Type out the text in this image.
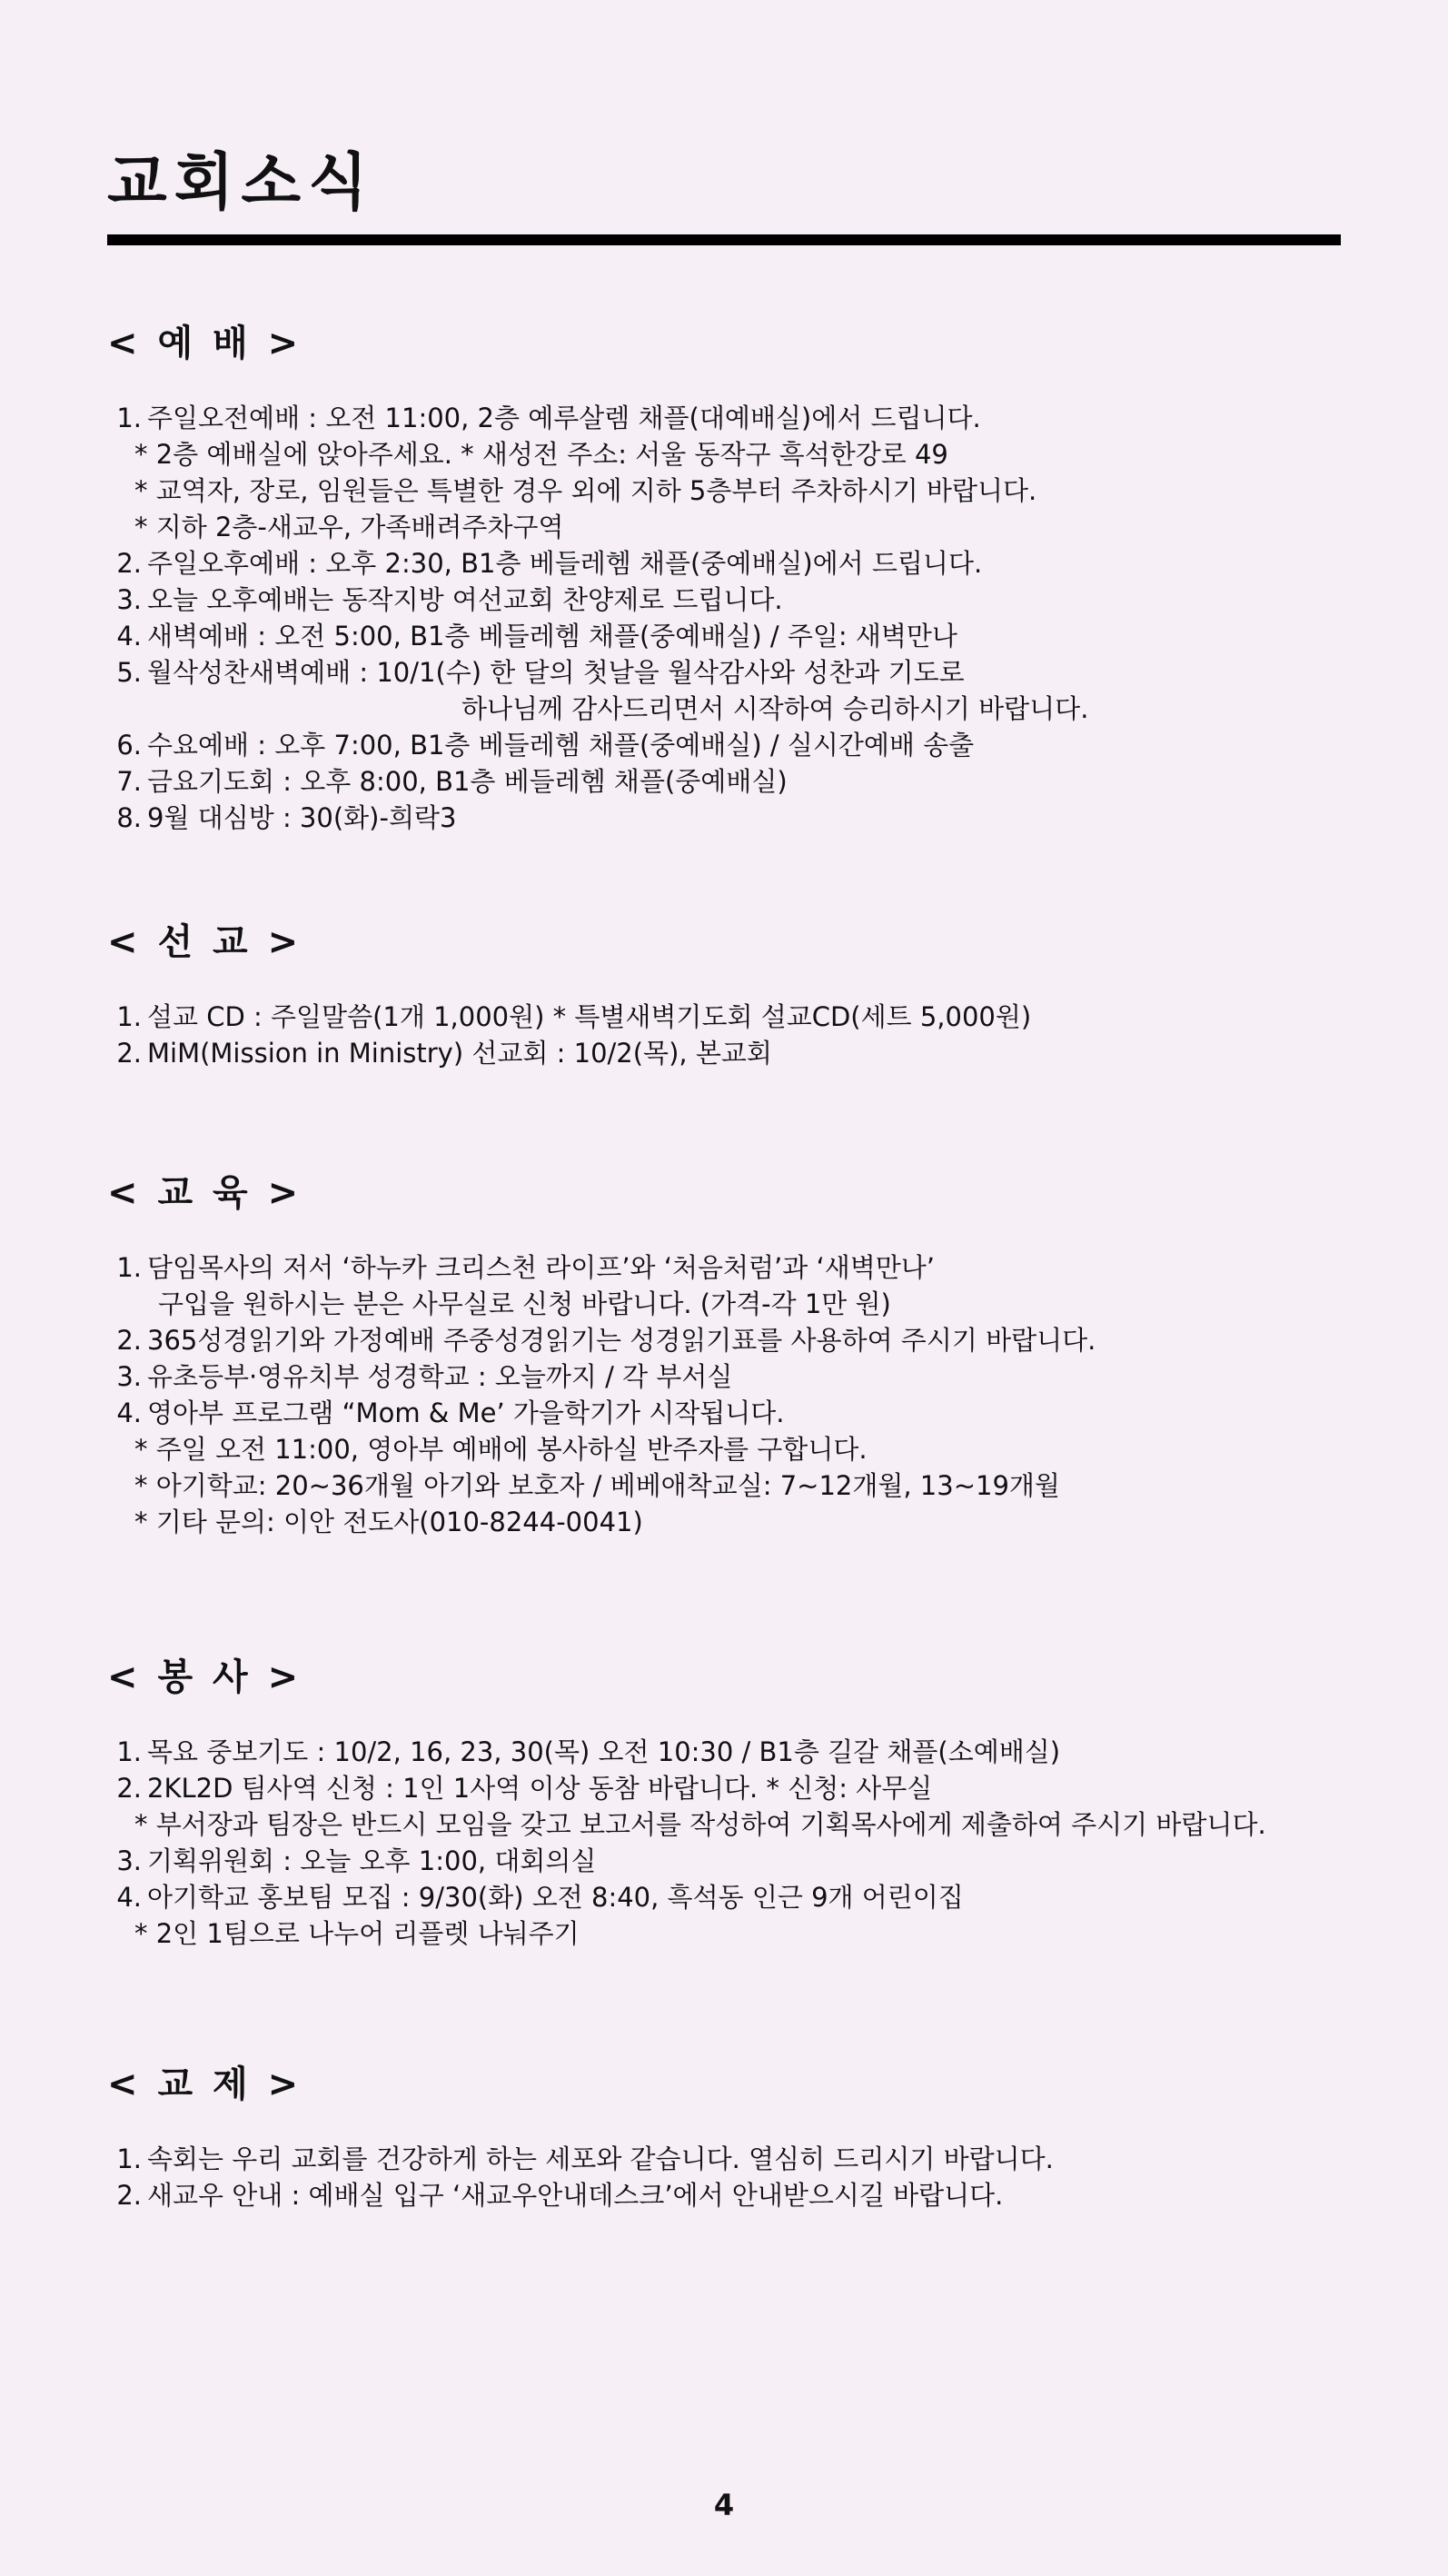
교회소식
< 예 배 >
1. 주일오전예배 : 오전 11:00, 2층 예루살렘 채플(대예배실)에서 드립니다.
* 2층 예배실에 앉아주세요. * 새성전 주소: 서울 동작구 흑석한강로 49
* 교역자, 장로, 임원들은 특별한 경우 외에 지하 5층부터 주차하시기 바랍니다.
* 지하 2층-새교우, 가족배려주차구역
2. 주일오후예배 : 오후 2:30, B1층 베들레헴 채플(중예배실)에서 드립니다.
3. 오늘 오후예배는 동작지방 여선교회 찬양제로 드립니다.
4. 새벽예배 : 오전 5:00, B1층 베들레헴 채플(중예배실) / 주일: 새벽만나
5. 월삭성찬새벽예배 : 10/1(수) 한 달의 첫날을 월삭감사와 성찬과 기도로
하나님께 감사드리면서 시작하여 승리하시기 바랍니다.
6. 수요예배 : 오후 7:00, B1층 베들레헴 채플(중예배실) / 실시간예배 송출
7. 금요기도회 : 오후 8:00, B1층 베들레헴 채플(중예배실)
8. 9월 대심방 : 30(화)-희락3
< 선 교 >
1. 설교 CD : 주일말씀(1개 1,000원) * 특별새벽기도회 설교CD(세트 5,000원)
2. MiM(Mission in Ministry) 선교회 : 10/2(목), 본교회
< 교 육 >
1. 담임목사의 저서 ‘하누카 크리스천 라이프’와 ‘처음처럼’과 ‘새벽만나’
구입을 원하시는 분은 사무실로 신청 바랍니다. (가격-각 1만 원)
2. 365성경읽기와 가정예배 주중성경읽기는 성경읽기표를 사용하여 주시기 바랍니다.
3. 유초등부·영유치부 성경학교 : 오늘까지 / 각 부서실
4. 영아부 프로그램 “Mom & Me’ 가을학기가 시작됩니다.
* 주일 오전 11:00, 영아부 예배에 봉사하실 반주자를 구합니다.
* 아기학교: 20~36개월 아기와 보호자 / 베베애착교실: 7~12개월, 13~19개월
* 기타 문의: 이안 전도사(010-8244-0041)
< 봉 사 >
1. 목요 중보기도 : 10/2, 16, 23, 30(목) 오전 10:30 / B1층 길갈 채플(소예배실)
2. 2KL2D 팀사역 신청 : 1인 1사역 이상 동참 바랍니다. * 신청: 사무실
* 부서장과 팀장은 반드시 모임을 갖고 보고서를 작성하여 기획목사에게 제출하여 주시기 바랍니다.
3. 기획위원회 : 오늘 오후 1:00, 대회의실
4. 아기학교 홍보팀 모집 : 9/30(화) 오전 8:40, 흑석동 인근 9개 어린이집
* 2인 1팀으로 나누어 리플렛 나눠주기
< 교 제 >
1. 속회는 우리 교회를 건강하게 하는 세포와 같습니다. 열심히 드리시기 바랍니다.
2. 새교우 안내 : 예배실 입구 ‘새교우안내데스크’에서 안내받으시길 바랍니다.
4
